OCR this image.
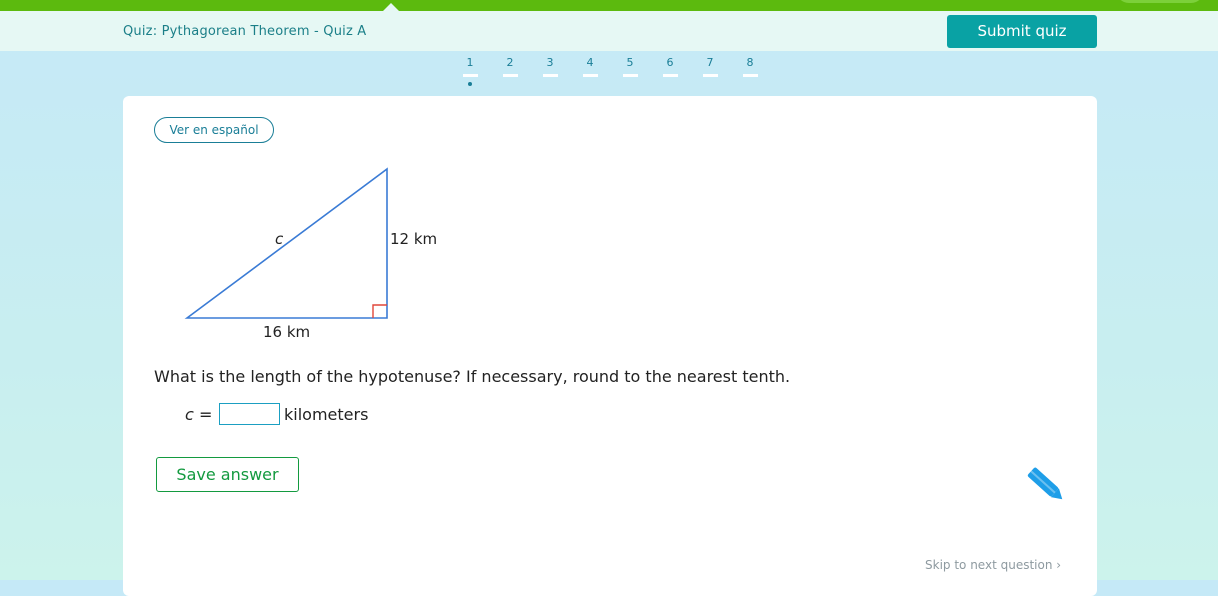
Quiz: Pythagorean Theorem - Quiz A	Submit quiz
1	2	3	4	5	6	7	8
Ver en español
c	12 km
16 km
What is the length of the hypotenuse? If necessary, round to the nearest tenth.
c =	kilometers
Save answer
Skip to next question ›
